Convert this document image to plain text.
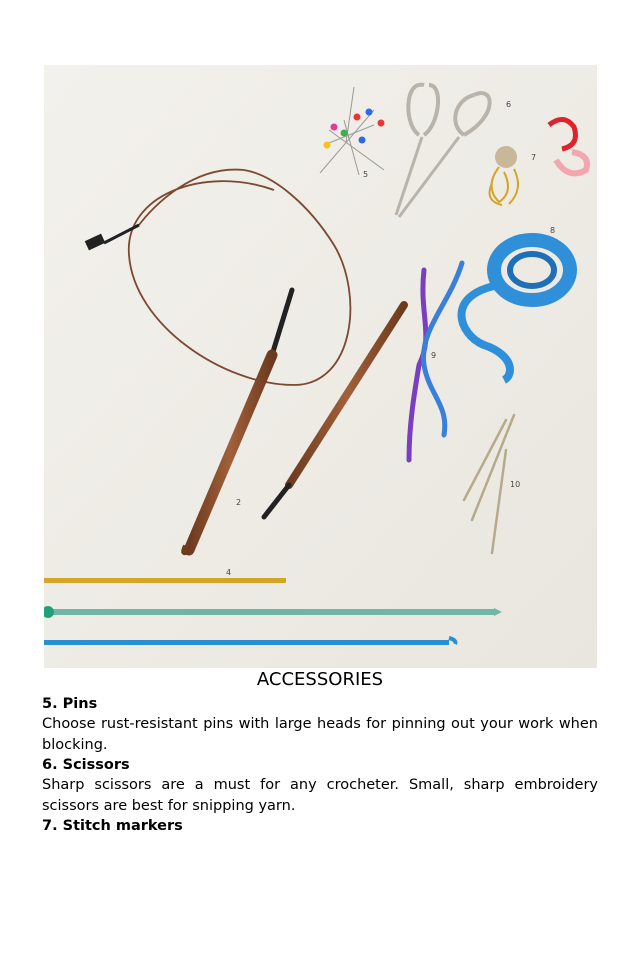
2
4
5
6
7
8
9
10
ACCESSORIES

5. Pins

Choose rust-resistant pins with large heads for pinning out your work when blocking.

6. Scissors

Sharp scissors are a must for any crocheter. Small, sharp embroidery scissors are best for snipping yarn.

7. Stitch markers
